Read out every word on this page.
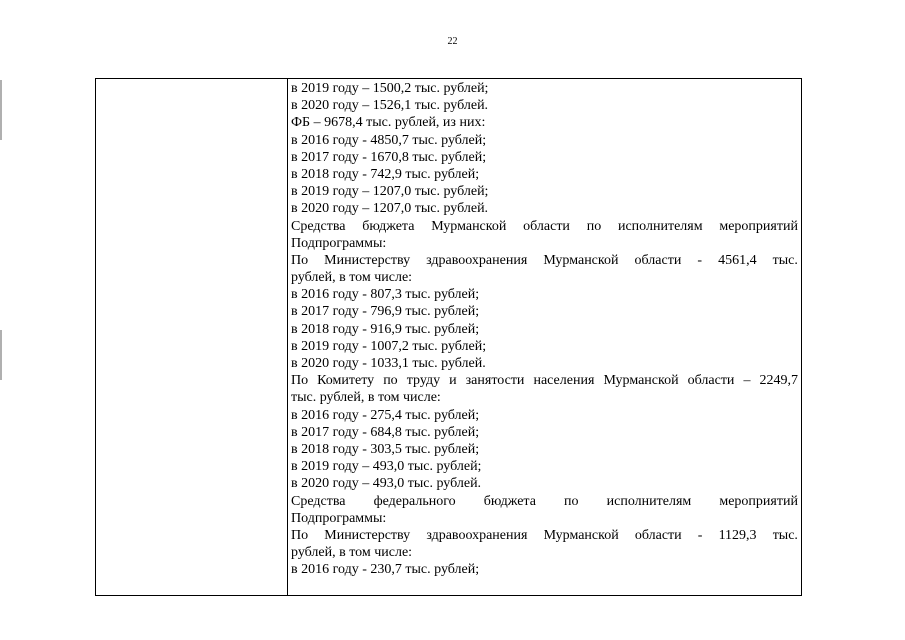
22
в 2019 году – 1500,2 тыс. рублей;
в 2020 году – 1526,1 тыс. рублей.
ФБ – 9678,4 тыс. рублей, из них:
в 2016 году - 4850,7 тыс. рублей;
в 2017 году - 1670,8 тыс. рублей;
в 2018 году - 742,9 тыс. рублей;
в 2019 году – 1207,0 тыс. рублей;
в 2020 году – 1207,0 тыс. рублей.
Средства бюджета Мурманской области по исполнителям мероприятий
Подпрограммы:
По Министерству здравоохранения Мурманской области - 4561,4 тыс.
рублей, в том числе:
в 2016 году - 807,3 тыс. рублей;
в 2017 году - 796,9 тыс. рублей;
в 2018 году - 916,9 тыс. рублей;
в 2019 году - 1007,2 тыс. рублей;
в 2020 году - 1033,1 тыс. рублей.
По Комитету по труду и занятости населения Мурманской области – 2249,7
тыс. рублей, в том числе:
в 2016 году - 275,4 тыс. рублей;
в 2017 году - 684,8 тыс. рублей;
в 2018 году - 303,5 тыс. рублей;
в 2019 году – 493,0 тыс. рублей;
в 2020 году – 493,0 тыс. рублей.
Средства федерального бюджета по исполнителям мероприятий
Подпрограммы:
По Министерству здравоохранения Мурманской области - 1129,3 тыс.
рублей, в том числе:
в 2016 году - 230,7 тыс. рублей;
